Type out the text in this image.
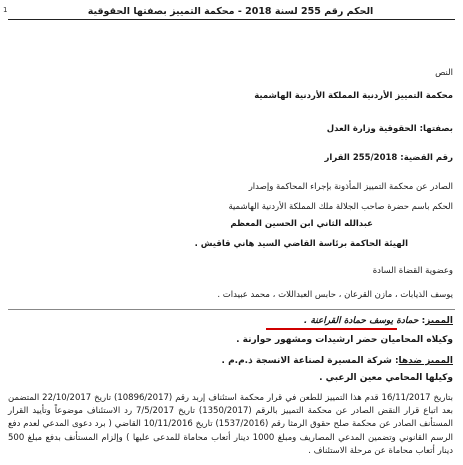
1	الحكم رقم 255 لسنة 2018 - محكمة التمييز بصفتها الحقوقية
النص
محكمة التمييز الأردنية المملكة الأردنية الهاشمية
بصفتها: الحقوقية وزارة العدل
رقم القضية: 255/2018 القرار
الصادر عن محكمة التمييز المأذونة بإجراء المحاكمة وإصدار
الحكم باسم حضرة صاحب الجلالة ملك المملكة الأردنية الهاشمية
عبدالله الثاني ابن الحسين المعظم
الهيئة الحاكمة برئاسة القاضي السيد هاني قاقيش .
وعضوية القضاة السادة
يوسف الذيابات ، مازن القرعان ، حابس العبداللات ، محمد عبيدات .
المميز: حمادة يوسف حمادة القراعنة .
وكيلاه المحاميان حضر ارشيدات ومشهور حوارنة .
المميز ضدها: شركة المسيرة لصناعة الانسجة ذ.م.م .
وكيلها المحامي معين الرعبي .
بتاريخ 16/11/2017 قدم هذا التمييز للطعن في قرار محكمة استئناف إربد رقم (10896/2017) تاريخ 22/10/2017 المتضمن بعد اتباع قرار النقض الصادر عن محكمة التمييز بالرقم (1350/2017) تاريخ 7/5/2017 رد الاستئناف موضوعاً وتأييد القرار المستأنف الصادر عن محكمة صلح حقوق الرمثا رقم (1537/2016) تاريخ 10/11/2016 القاضي ( برد دعوى المدعي لعدم دفع الرسم القانوني وتضمين المدعي المصاريف ومبلغ 1000 دينار أتعاب محاماة للمدعى عليها ) وإلزام المستأنف بدفع مبلغ 500 دينار أتعاب محاماة عن مرحلة الاستئناف .
